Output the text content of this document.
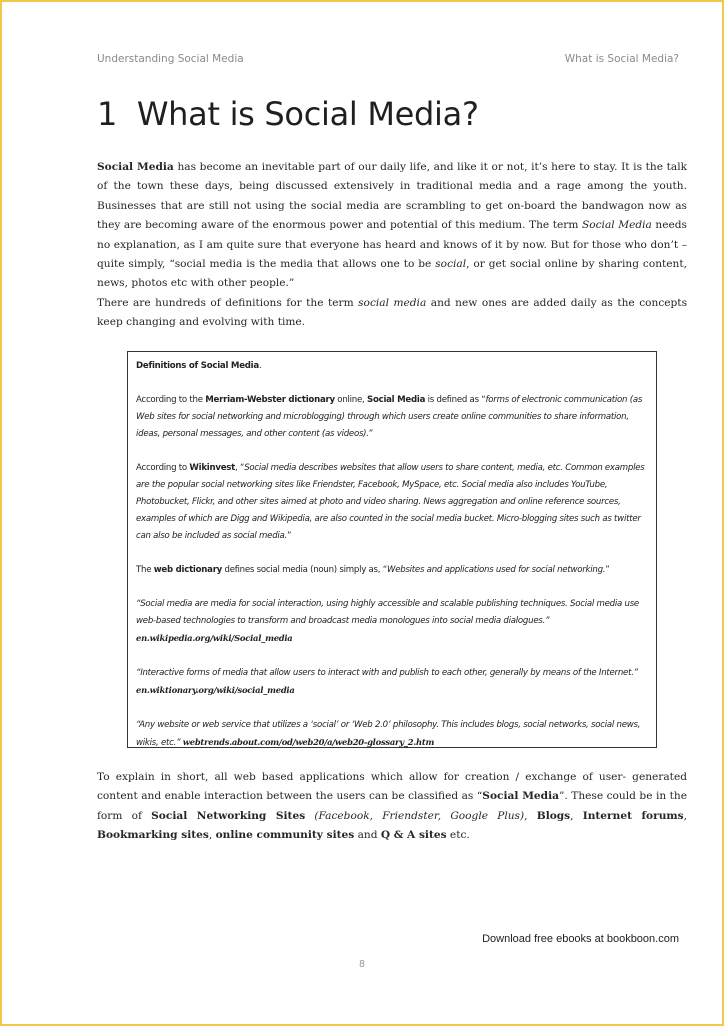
Understanding Social Media	What is Social Media?
1 What is Social Media?

Social Media has become an inevitable part of our daily life, and like it or not, it’s here to stay. It is the talk of the town these days, being discussed extensively in traditional media and a rage among the youth. Businesses that are still not using the social media are scrambling to get on-board the bandwagon now as they are becoming aware of the enormous power and potential of this medium. The term Social Media needs no explanation, as I am quite sure that everyone has heard and knows of it by now. But for those who don’t – quite simply, “social media is the media that allows one to be social, or get social online by sharing content, news, photos etc with other people.”

There are hundreds of definitions for the term social media and new ones are added daily as the concepts keep changing and evolving with time.

Definitions of Social Media.

According to the Merriam-Webster dictionary online, Social Media is defined as “forms of electronic communication (as Web sites for social networking and microblogging) through which users create online communities to share information, ideas, personal messages, and other content (as videos).”

According to Wikinvest, “Social media describes websites that allow users to share content, media, etc. Common examples are the popular social networking sites like Friendster, Facebook, MySpace, etc. Social media also includes YouTube, Photobucket, Flickr, and other sites aimed at photo and video sharing. News aggregation and online reference sources, examples of which are Digg and Wikipedia, are also counted in the social media bucket. Micro-blogging sites such as twitter can also be included as social media.”

The web dictionary defines social media (noun) simply as, “Websites and applications used for social networking.”

“Social media are media for social interaction, using highly accessible and scalable publishing techniques. Social media use web-based technologies to transform and broadcast media monologues into social media dialogues.”
en.wikipedia.org/wiki/Social_media

“Interactive forms of media that allow users to interact with and publish to each other, generally by means of the Internet.” en.wiktionary.org/wiki/social_media

“Any website or web service that utilizes a ‘social’ or ‘Web 2.0’ philosophy. This includes blogs, social networks, social news, wikis, etc.” webtrends.about.com/od/web20/a/web20-glossary_2.htm

To explain in short, all web based applications which allow for creation / exchange of user- generated content and enable interaction between the users can be classified as “Social Media”. These could be in the form of Social Networking Sites (Facebook, Friendster, Google Plus), Blogs, Internet forums, Bookmarking sites, online community sites and Q & A sites etc.

Download free ebooks at bookboon.com
8
